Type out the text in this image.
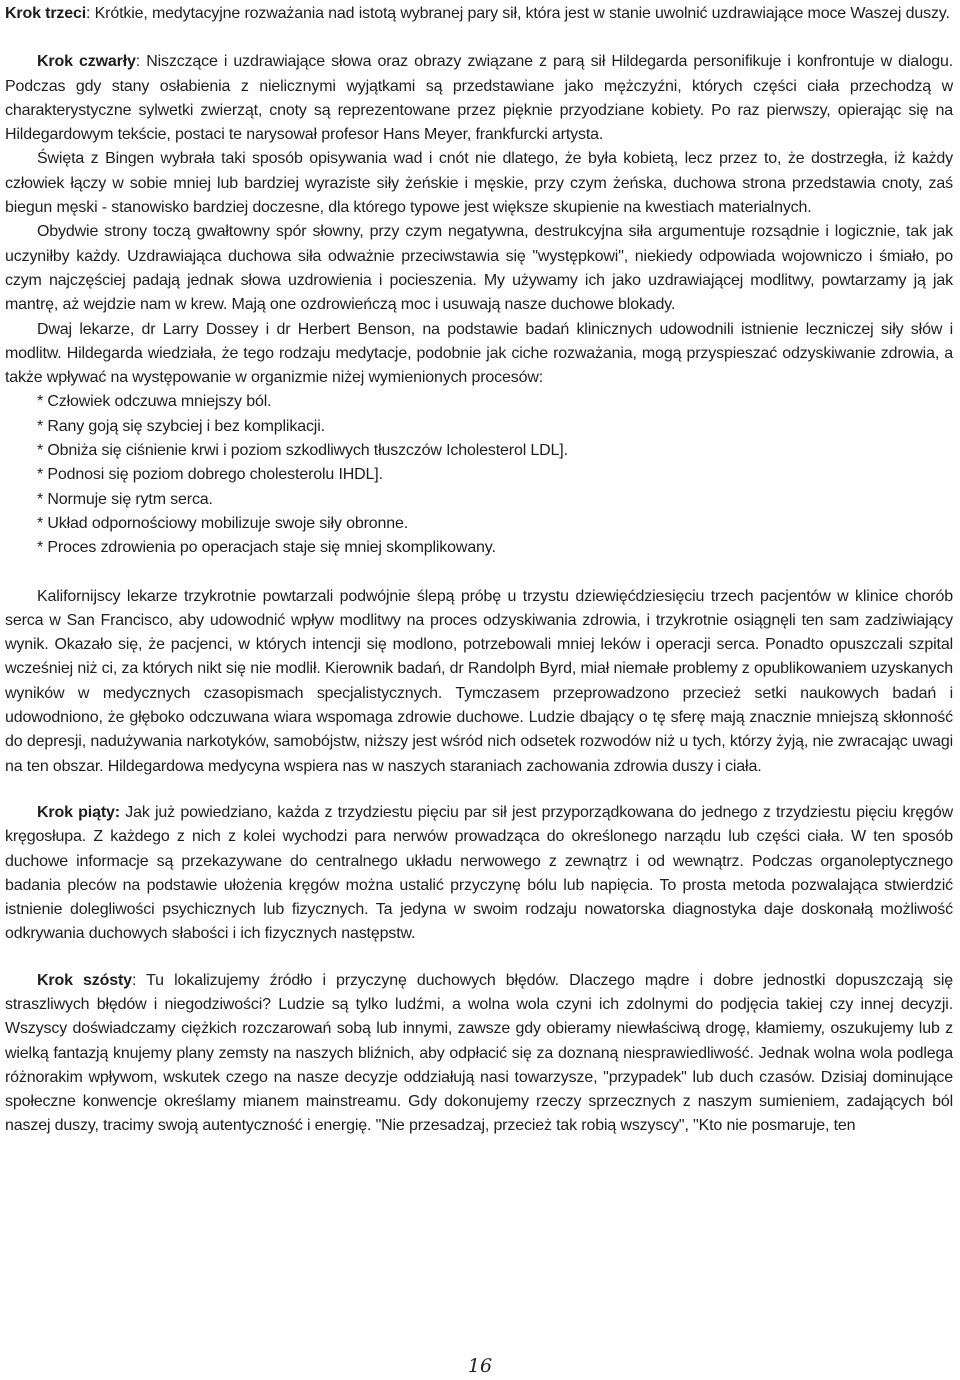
Krok trzeci: Krótkie, medytacyjne rozważania nad istotą wybranej pary sił, która jest w stanie uwolnić uzdrawiające moce Waszej duszy.

Krok czwarły: Niszczące i uzdrawiające słowa oraz obrazy związane z parą sił Hildegarda personifikuje i konfrontuje w dialogu. Podczas gdy stany osłabienia z nielicznymi wyjątkami są przedstawiane jako mężczyźni, których części ciała przechodzą w charakterystyczne sylwetki zwierząt, cnoty są reprezentowane przez pięknie przyodziane kobiety. Po raz pierwszy, opierając się na Hildegardowym tekście, postaci te narysował profesor Hans Meyer, frankfurcki artysta.

Święta z Bingen wybrała taki sposób opisywania wad i cnót nie dlatego, że była kobietą, lecz przez to, że dostrzegła, iż każdy człowiek łączy w sobie mniej lub bardziej wyraziste siły żeńskie i męskie, przy czym żeńska, duchowa strona przedstawia cnoty, zaś biegun męski - stanowisko bardziej doczesne, dla którego typowe jest większe skupienie na kwestiach materialnych.

Obydwie strony toczą gwałtowny spór słowny, przy czym negatywna, destrukcyjna siła argumentuje rozsądnie i logicznie, tak jak uczyniłby każdy. Uzdrawiająca duchowa siła odważnie przeciwstawia się "występkowi", niekiedy odpowiada wojowniczo i śmiało, po czym najczęściej padają jednak słowa uzdrowienia i pocieszenia. My używamy ich jako uzdrawiającej modlitwy, powtarzamy ją jak mantrę, aż wejdzie nam w krew. Mają one ozdrowieńczą moc i usuwają nasze duchowe blokady.

Dwaj lekarze, dr Larry Dossey i dr Herbert Benson, na podstawie badań klinicznych udowodnili istnienie leczniczej siły słów i modlitw. Hildegarda wiedziała, że tego rodzaju medytacje, podobnie jak ciche rozważania, mogą przyspieszać odzyskiwanie zdrowia, a także wpływać na występowanie w organizmie niżej wymienionych procesów:

* Człowiek odczuwa mniejszy ból.
* Rany goją się szybciej i bez komplikacji.
* Obniża się ciśnienie krwi i poziom szkodliwych tłuszczów Icholesterol LDL].
* Podnosi się poziom dobrego cholesterolu IHDL].
* Normuje się rytm serca.
* Układ odpornościowy mobilizuje swoje siły obronne.
* Proces zdrowienia po operacjach staje się mniej skomplikowany.

Kalifornijscy lekarze trzykrotnie powtarzali podwójnie ślepą próbę u trzystu dziewięćdziesięciu trzech pacjentów w klinice chorób serca w San Francisco, aby udowodnić wpływ modlitwy na proces odzyskiwania zdrowia, i trzykrotnie osiągnęli ten sam zadziwiający wynik. Okazało się, że pacjenci, w których intencji się modlono, potrzebowali mniej leków i operacji serca. Ponadto opuszczali szpital wcześniej niż ci, za których nikt się nie modlił. Kierownik badań, dr Randolph Byrd, miał niemałe problemy z opublikowaniem uzyskanych wyników w medycznych czasopismach specjalistycznych. Tymczasem przeprowadzono przecież setki naukowych badań i udowodniono, że głęboko odczuwana wiara wspomaga zdrowie duchowe. Ludzie dbający o tę sferę mają znacznie mniejszą skłonność do depresji, nadużywania narkotyków, samobójstw, niższy jest wśród nich odsetek rozwodów niż u tych, którzy żyją, nie zwracając uwagi na ten obszar. Hildegardowa medycyna wspiera nas w naszych staraniach zachowania zdrowia duszy i ciała.

Krok piąty: Jak już powiedziano, każda z trzydziestu pięciu par sił jest przyporządkowana do jednego z trzydziestu pięciu kręgów kręgosłupa. Z każdego z nich z kolei wychodzi para nerwów prowadząca do określonego narządu lub części ciała. W ten sposób duchowe informacje są przekazywane do centralnego układu nerwowego z zewnątrz i od wewnątrz. Podczas organoleptycznego badania pleców na podstawie ułożenia kręgów można ustalić przyczynę bólu lub napięcia. To prosta metoda pozwalająca stwierdzić istnienie dolegliwości psychicznych lub fizycznych. Ta jedyna w swoim rodzaju nowatorska diagnostyka daje doskonałą możliwość odkrywania duchowych słabości i ich fizycznych następstw.

Krok szósty: Tu lokalizujemy źródło i przyczynę duchowych błędów. Dlaczego mądre i dobre jednostki dopuszczają się straszliwych błędów i niegodziwości? Ludzie są tylko ludźmi, a wolna wola czyni ich zdolnymi do podjęcia takiej czy innej decyzji. Wszyscy doświadczamy ciężkich rozczarowań sobą lub innymi, zawsze gdy obieramy niewłaściwą drogę, kłamiemy, oszukujemy lub z wielką fantazją knujemy plany zemsty na naszych bliźnich, aby odpłacić się za doznaną niesprawiedliwość. Jednak wolna wola podlega różnorakim wpływom, wskutek czego na nasze decyzje oddziałują nasi towarzysze, "przypadek" lub duch czasów. Dzisiaj dominujące społeczne konwencje określamy mianem mainstreamu. Gdy dokonujemy rzeczy sprzecznych z naszym sumieniem, zadających ból naszej duszy, tracimy swoją autentyczność i energię. "Nie przesadzaj, przecież tak robią wszyscy", "Kto nie posmaruje, ten

16
